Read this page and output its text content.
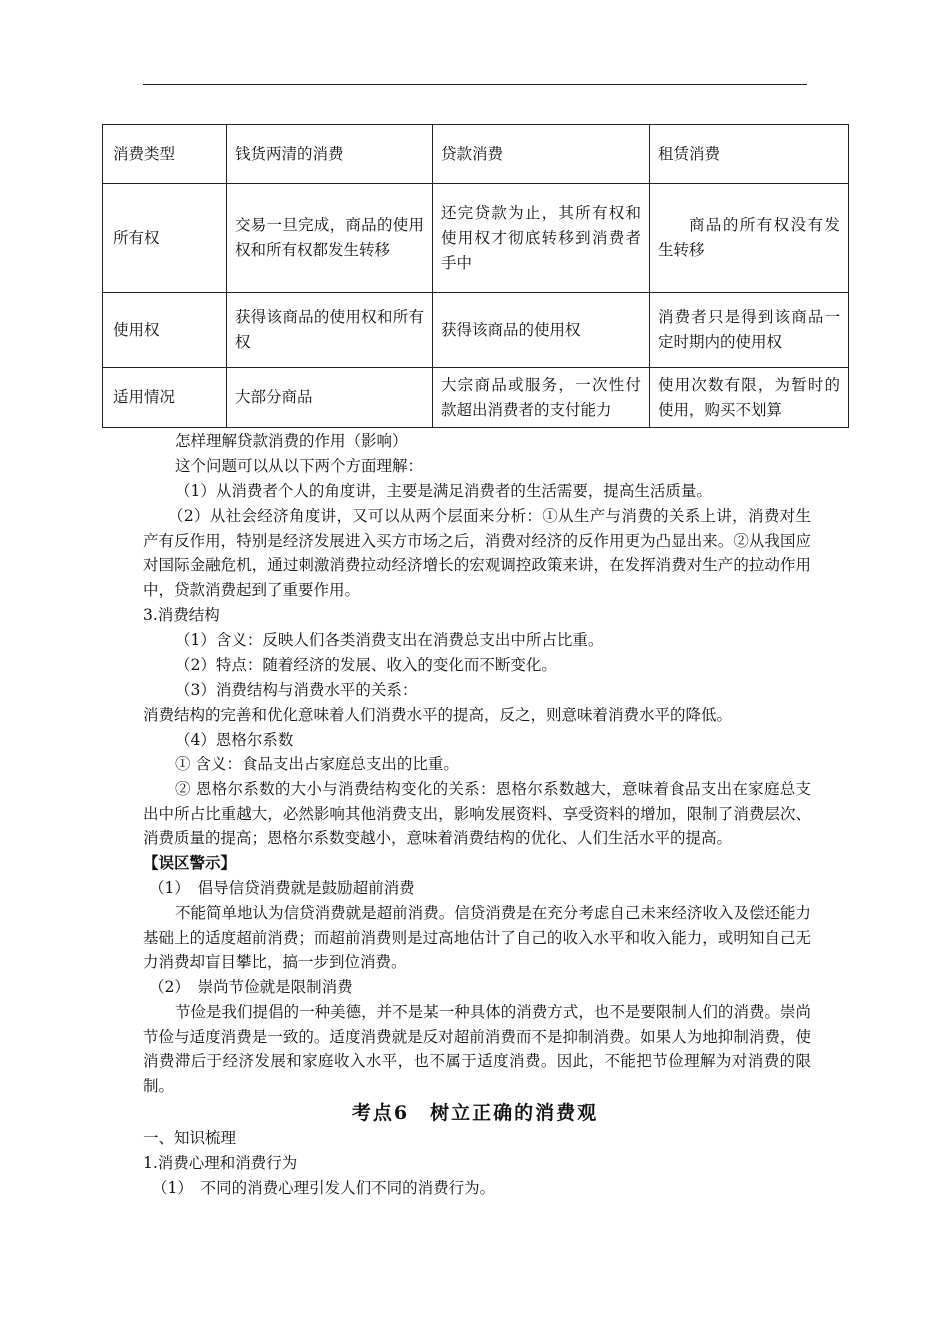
消费类型	钱货两清的消费	贷款消费	租赁消费
所有权	交易一旦完成，商品的使用权和所有权都发生转移	还完贷款为止，其所有权和使用权才彻底转移到消费者手中	商品的所有权没有发生转移
使用权	获得该商品的使用权和所有权	获得该商品的使用权	消费者只是得到该商品一定时期内的使用权
适用情况	大部分商品	大宗商品或服务，一次性付款超出消费者的支付能力	使用次数有限，为暂时的使用，购买不划算
怎样理解贷款消费的作用（影响）
这个问题可以从以下两个方面理解：
（1）从消费者个人的角度讲，主要是满足消费者的生活需要，提高生活质量。
（2）从社会经济角度讲，又可以从两个层面来分析：①从生产与消费的关系上讲，消费对生产有反作用，特别是经济发展进入买方市场之后，消费对经济的反作用更为凸显出来。②从我国应对国际金融危机，通过刺激消费拉动经济增长的宏观调控政策来讲，在发挥消费对生产的拉动作用中，贷款消费起到了重要作用。
3.消费结构
（1）含义：反映人们各类消费支出在消费总支出中所占比重。
（2）特点：随着经济的发展、收入的变化而不断变化。
（3）消费结构与消费水平的关系：
消费结构的完善和优化意味着人们消费水平的提高，反之，则意味着消费水平的降低。
（4）恩格尔系数
① 含义：食品支出占家庭总支出的比重。
② 恩格尔系数的大小与消费结构变化的关系：恩格尔系数越大，意味着食品支出在家庭总支出中所占比重越大，必然影响其他消费支出，影响发展资料、享受资料的增加，限制了消费层次、消费质量的提高；恩格尔系数变越小，意味着消费结构的优化、人们生活水平的提高。
【误区警示】
（1）　倡导信贷消费就是鼓励超前消费
不能简单地认为信贷消费就是超前消费。信贷消费是在充分考虑自己未来经济收入及偿还能力基础上的适度超前消费；而超前消费则是过高地估计了自己的收入水平和收入能力，或明知自己无力消费却盲目攀比，搞一步到位消费。
（2）　崇尚节俭就是限制消费
节俭是我们提倡的一种美德，并不是某一种具体的消费方式，也不是要限制人们的消费。崇尚节俭与适度消费是一致的。适度消费就是反对超前消费而不是抑制消费。如果人为地抑制消费，使消费滞后于经济发展和家庭收入水平，也不属于适度消费。因此，不能把节俭理解为对消费的限制。
考点6　树立正确的消费观
一、知识梳理
1.消费心理和消费行为
（1）　不同的消费心理引发人们不同的消费行为。
